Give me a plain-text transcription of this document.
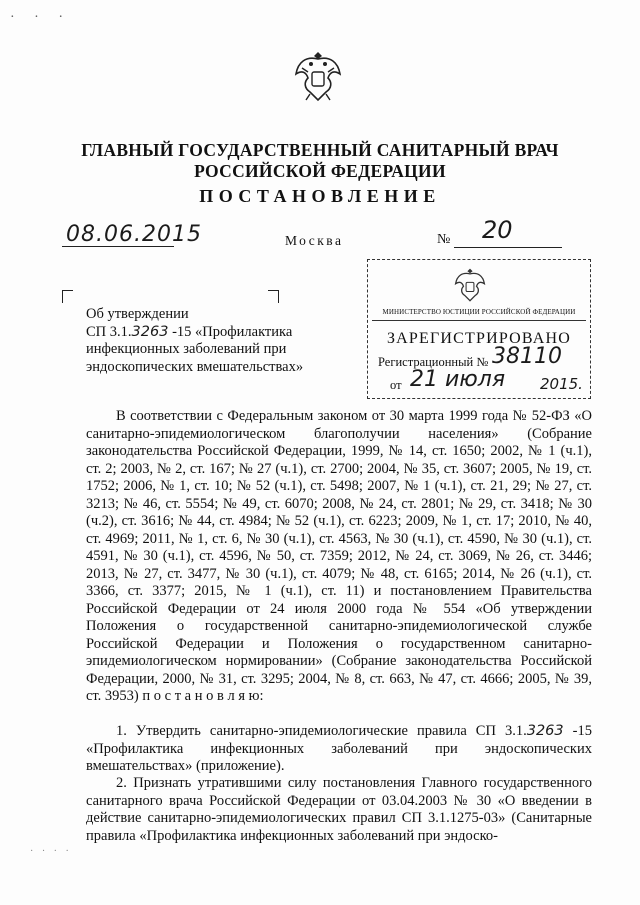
· · ·
ГЛАВНЫЙ ГОСУДАРСТВЕННЫЙ САНИТАРНЫЙ ВРАЧ
РОССИЙСКОЙ ФЕДЕРАЦИИ
ПОСТАНОВЛЕНИЕ
08.06.2015	Москва	№ 20
Об утверждении
СП 3.1.3263 -15 «Профилактика
инфекционных заболеваний при
эндоскопических вмешательствах»
МИНИСТЕРСТВО ЮСТИЦИИ РОССИЙСКОЙ ФЕДЕРАЦИИ
ЗАРЕГИСТРИРОВАНО
Регистрационный № 38110
от 21 июля 2015.
В соответствии с Федеральным законом от 30 марта 1999 года № 52-ФЗ «О санитарно-эпидемиологическом благополучии населения» (Собрание законодательства Российской Федерации, 1999, № 14, ст. 1650; 2002, № 1 (ч.1), ст. 2; 2003, № 2, ст. 167; № 27 (ч.1), ст. 2700; 2004, № 35, ст. 3607; 2005, № 19, ст. 1752; 2006, № 1, ст. 10; № 52 (ч.1), ст. 5498; 2007, № 1 (ч.1), ст. 21, 29; № 27, ст. 3213; № 46, ст. 5554; № 49, ст. 6070; 2008, № 24, ст. 2801; № 29, ст. 3418; № 30 (ч.2), ст. 3616; № 44, ст. 4984; № 52 (ч.1), ст. 6223; 2009, № 1, ст. 17; 2010, № 40, ст. 4969; 2011, № 1, ст. 6, № 30 (ч.1), ст. 4563, № 30 (ч.1), ст. 4590, № 30 (ч.1), ст. 4591, № 30 (ч.1), ст. 4596, № 50, ст. 7359; 2012, № 24, ст. 3069, № 26, ст. 3446; 2013, № 27, ст. 3477, № 30 (ч.1), ст. 4079; № 48, ст. 6165; 2014, № 26 (ч.1), ст. 3366, ст. 3377; 2015, № 1 (ч.1), ст. 11) и постановлением Правительства Российской Федерации от 24 июля 2000 года № 554 «Об утверждении Положения о государственной санитарно-эпидемиологической службе Российской Федерации и Положения о государственном санитарно-эпидемиологическом нормировании» (Собрание законодательства Российской Федерации, 2000, № 31, ст. 3295; 2004, № 8, ст. 663, № 47, ст. 4666; 2005, № 39, ст. 3953) п о с т а н о в л я ю:
1. Утвердить санитарно-эпидемиологические правила СП 3.1.3263 -15 «Профилактика инфекционных заболеваний при эндоскопических вмешательствах» (приложение).
2. Признать утратившими силу постановления Главного государственного санитарного врача Российской Федерации от 03.04.2003 № 30 «О введении в действие санитарно-эпидемиологических правил СП 3.1.1275-03» (Санитарные правила «Профилактика инфекционных заболеваний при эндоско-
· · · ·
